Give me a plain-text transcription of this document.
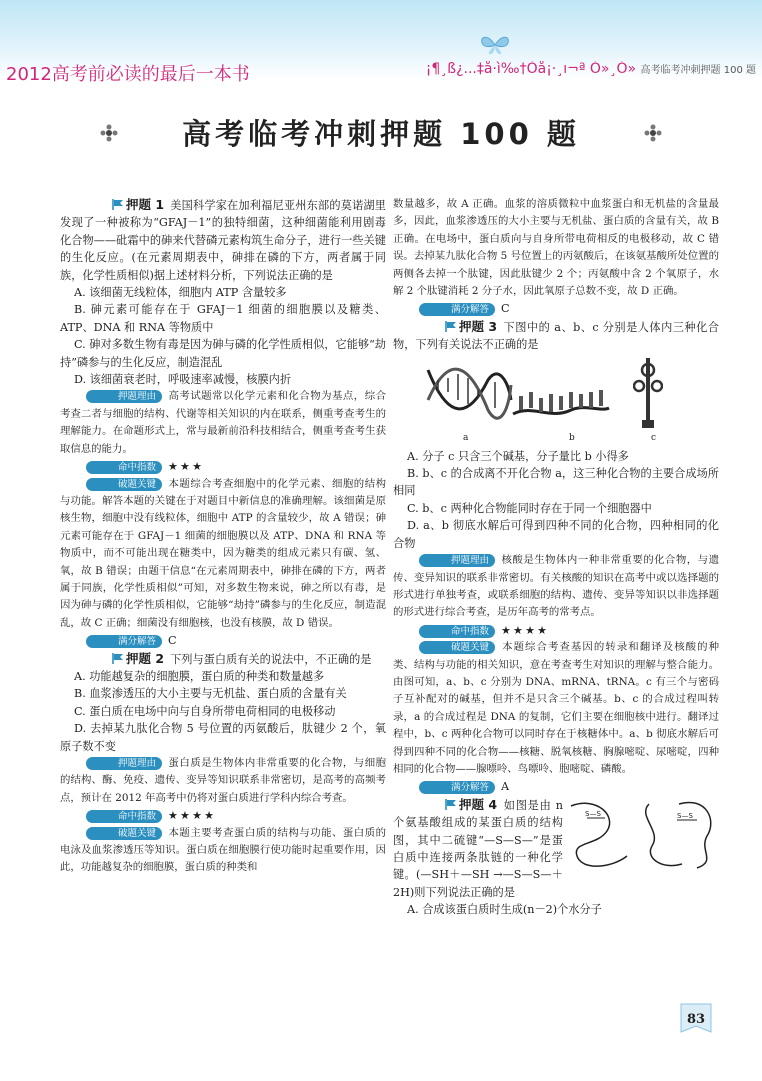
2012高考前必读的最后一本书	¡¶¸ß¿...‡å·ì‰†Òå¡·¸ı¬ª Ó»¸Ó» 高考临考冲刺押题 100 题
高考临考冲刺押题 100 题

押题 1 美国科学家在加利福尼亚州东部的莫诺湖里发现了一种被称为“GFAJ－1”的独特细菌，这种细菌能利用剧毒化合物——砒霜中的砷来代替磷元素构筑生命分子，进行一些关键的生化反应。(在元素周期表中，砷排在磷的下方，两者属于同族，化学性质相似)据上述材料分析，下列说法正确的是

A. 该细菌无线粒体，细胞内 ATP 含量较多

B. 砷元素可能存在于 GFAJ－1 细菌的细胞膜以及糖类、ATP、DNA 和 RNA 等物质中

C. 砷对多数生物有毒是因为砷与磷的化学性质相似，它能够“劫持”磷参与的生化反应，制造混乱

D. 该细菌衰老时，呼吸速率减慢，核膜内折

押题理由 高考试题常以化学元素和化合物为基点，综合考查二者与细胞的结构、代谢等相关知识的内在联系，侧重考查考生的理解能力。在命题形式上，常与最新前沿科技相结合，侧重考查考生获取信息的能力。

命中指数 ★★★

破题关键 本题综合考查细胞中的化学元素、细胞的结构与功能。解答本题的关键在于对题目中新信息的准确理解。该细菌是原核生物，细胞中没有线粒体，细胞中 ATP 的含量较少，故 A 错误；砷元素可能存在于 GFAJ－1 细菌的细胞膜以及 ATP、DNA 和 RNA 等物质中，而不可能出现在糖类中，因为糖类的组成元素只有碳、氢、氧，故 B 错误；由题干信息“在元素周期表中，砷排在磷的下方，两者属于同族，化学性质相似”可知，对多数生物来说，砷之所以有毒，是因为砷与磷的化学性质相似，它能够“劫持”磷参与的生化反应，制造混乱，故 C 正确；细菌没有细胞核，也没有核膜，故 D 错误。

满分解答 C

押题 2 下列与蛋白质有关的说法中，不正确的是

A. 功能越复杂的细胞膜，蛋白质的种类和数量越多

B. 血浆渗透压的大小主要与无机盐、蛋白质的含量有关

C. 蛋白质在电场中向与自身所带电荷相同的电极移动

D. 去掉某九肽化合物 5 号位置的丙氨酸后，肽键少 2 个，氧原子数不变

押题理由 蛋白质是生物体内非常重要的化合物，与细胞的结构、酶、免疫、遗传、变异等知识联系非常密切，是高考的高频考点，预计在 2012 年高考中仍将对蛋白质进行学科内综合考查。

命中指数 ★★★★

破题关键 本题主要考查蛋白质的结构与功能、蛋白质的电泳及血浆渗透压等知识。蛋白质在细胞膜行使功能时起重要作用，因此，功能越复杂的细胞膜，蛋白质的种类和

数量越多，故 A 正确。血浆的溶质微粒中血浆蛋白和无机盐的含量最多，因此，血浆渗透压的大小主要与无机盐、蛋白质的含量有关，故 B 正确。在电场中，蛋白质向与自身所带电荷相反的电极移动，故 C 错误。去掉某九肽化合物 5 号位置上的丙氨酸后，在该氨基酸所处位置的两侧各去掉一个肽键，因此肽键少 2 个；丙氨酸中含 2 个氧原子，水解 2 个肽键消耗 2 分子水，因此氧原子总数不变，故 D 正确。

满分解答 C

押题 3 下图中的 a、b、c 分别是人体内三种化合物，下列有关说法不正确的是

a	b	c

A. 分子 c 只含三个碱基，分子量比 b 小得多

B. b、c 的合成离不开化合物 a，这三种化合物的主要合成场所相同

C. b、c 两种化合物能同时存在于同一个细胞器中

D. a、b 彻底水解后可得到四种不同的化合物，四种相同的化合物

押题理由 核酸是生物体内一种非常重要的化合物，与遗传、变异知识的联系非常密切。有关核酸的知识在高考中或以选择题的形式进行单独考查，或联系细胞的结构、遗传、变异等知识以非选择题的形式进行综合考查，是历年高考的常考点。

命中指数 ★★★★

破题关键 本题综合考查基因的转录和翻译及核酸的种类、结构与功能的相关知识，意在考查考生对知识的理解与整合能力。由图可知，a、b、c 分别为 DNA、mRNA、tRNA。c 有三个与密码子互补配对的碱基，但并不是只含三个碱基。b、c 的合成过程叫转录，a 的合成过程是 DNA 的复制，它们主要在细胞核中进行。翻译过程中，b、c 两种化合物可以同时存在于核糖体中。a、b 彻底水解后可得到四种不同的化合物——核糖、脱氧核糖、胸腺嘧啶、尿嘧啶，四种相同的化合物——腺嘌呤、鸟嘌呤、胞嘧啶、磷酸。

满分解答 A

S—S	S—S

押题 4 如图是由 n 个氨基酸组成的某蛋白质的结构图，其中二硫键“—S—S—”是蛋白质中连接两条肽链的一种化学键。(—SH＋—SH →—S—S—＋2H)则下列说法正确的是

A. 合成该蛋白质时生成(n－2)个水分子

83
